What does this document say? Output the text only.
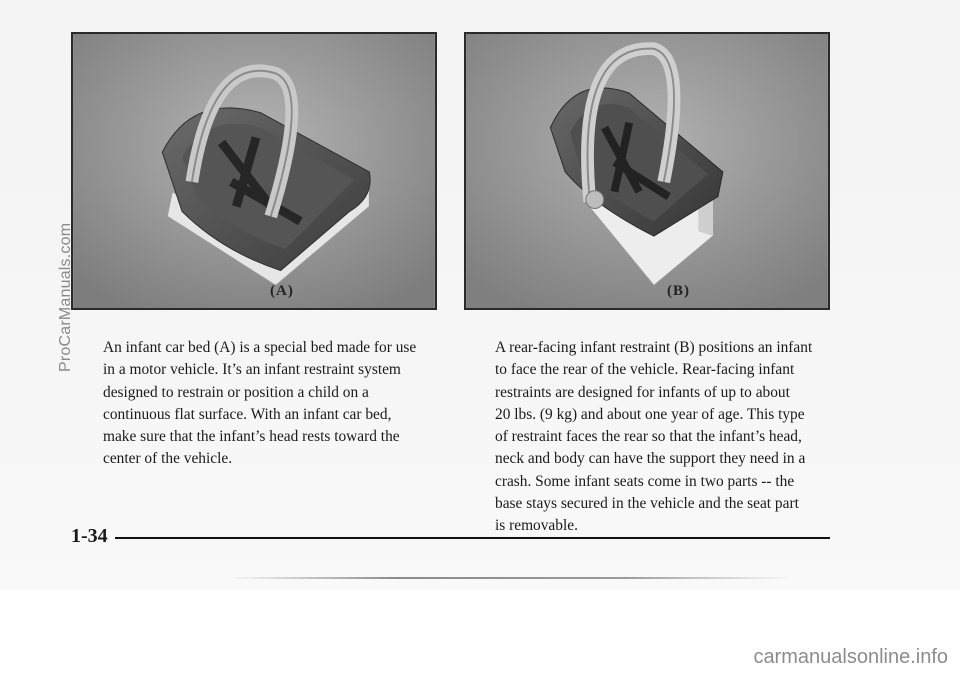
(A)	(B)
An infant car bed (A) is a special bed made for use
in a motor vehicle. It’s an infant restraint system
designed to restrain or position a child on a
continuous flat surface. With an infant car bed,
make sure that the infant’s head rests toward the
center of the vehicle.
A rear-facing infant restraint (B) positions an infant
to face the rear of the vehicle. Rear-facing infant
restraints are designed for infants of up to about
20 lbs. (9 kg) and about one year of age. This type
of restraint faces the rear so that the infant’s head,
neck and body can have the support they need in a
crash. Some infant seats come in two parts -- the
base stays secured in the vehicle and the seat part
is removable.
1-34
ProCarManuals.com
carmanualsonline.info
